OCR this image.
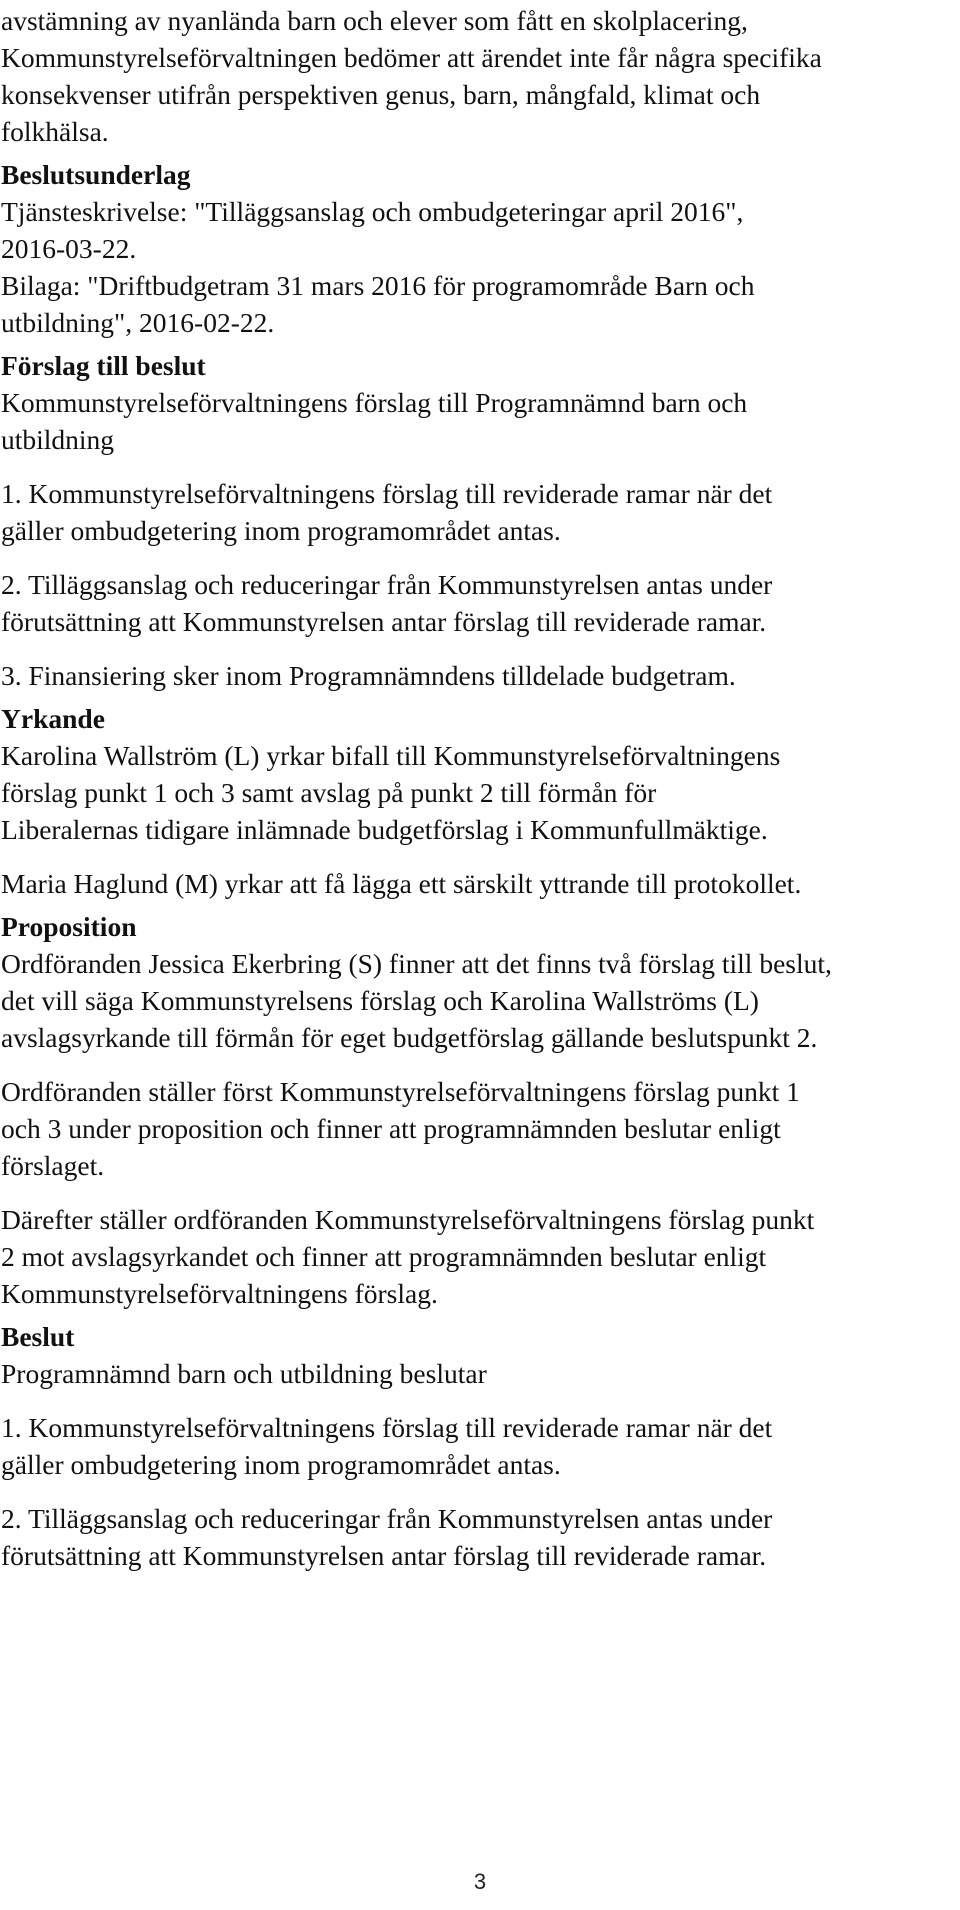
avstämning av nyanlända barn och elever som fått en skolplacering,
Kommunstyrelseförvaltningen bedömer att ärendet inte får några specifika
konsekvenser utifrån perspektiven genus, barn, mångfald, klimat och
folkhälsa.
Beslutsunderlag
Tjänsteskrivelse: "Tilläggsanslag och ombudgeteringar april 2016",
2016-03-22.
Bilaga: "Driftbudgetram 31 mars 2016 för programområde Barn och
utbildning", 2016-02-22.
Förslag till beslut
Kommunstyrelseförvaltningens förslag till Programnämnd barn och
utbildning
1. Kommunstyrelseförvaltningens förslag till reviderade ramar när det
gäller ombudgetering inom programområdet antas.
2. Tilläggsanslag och reduceringar från Kommunstyrelsen antas under
förutsättning att Kommunstyrelsen antar förslag till reviderade ramar.
3. Finansiering sker inom Programnämndens tilldelade budgetram.
Yrkande
Karolina Wallström (L) yrkar bifall till Kommunstyrelseförvaltningens
förslag punkt 1 och 3 samt avslag på punkt 2 till förmån för
Liberalernas tidigare inlämnade budgetförslag i Kommunfullmäktige.
Maria Haglund (M) yrkar att få lägga ett särskilt yttrande till protokollet.
Proposition
Ordföranden Jessica Ekerbring (S) finner att det finns två förslag till beslut,
det vill säga Kommunstyrelsens förslag och Karolina Wallströms (L)
avslagsyrkande till förmån för eget budgetförslag gällande beslutspunkt 2.
Ordföranden ställer först Kommunstyrelseförvaltningens förslag punkt 1
och 3 under proposition och finner att programnämnden beslutar enligt
förslaget.
Därefter ställer ordföranden Kommunstyrelseförvaltningens förslag punkt
2 mot avslagsyrkandet och finner att programnämnden beslutar enligt
Kommunstyrelseförvaltningens förslag.
Beslut
Programnämnd barn och utbildning beslutar
1. Kommunstyrelseförvaltningens förslag till reviderade ramar när det
gäller ombudgetering inom programområdet antas.
2. Tilläggsanslag och reduceringar från Kommunstyrelsen antas under
förutsättning att Kommunstyrelsen antar förslag till reviderade ramar.
3
